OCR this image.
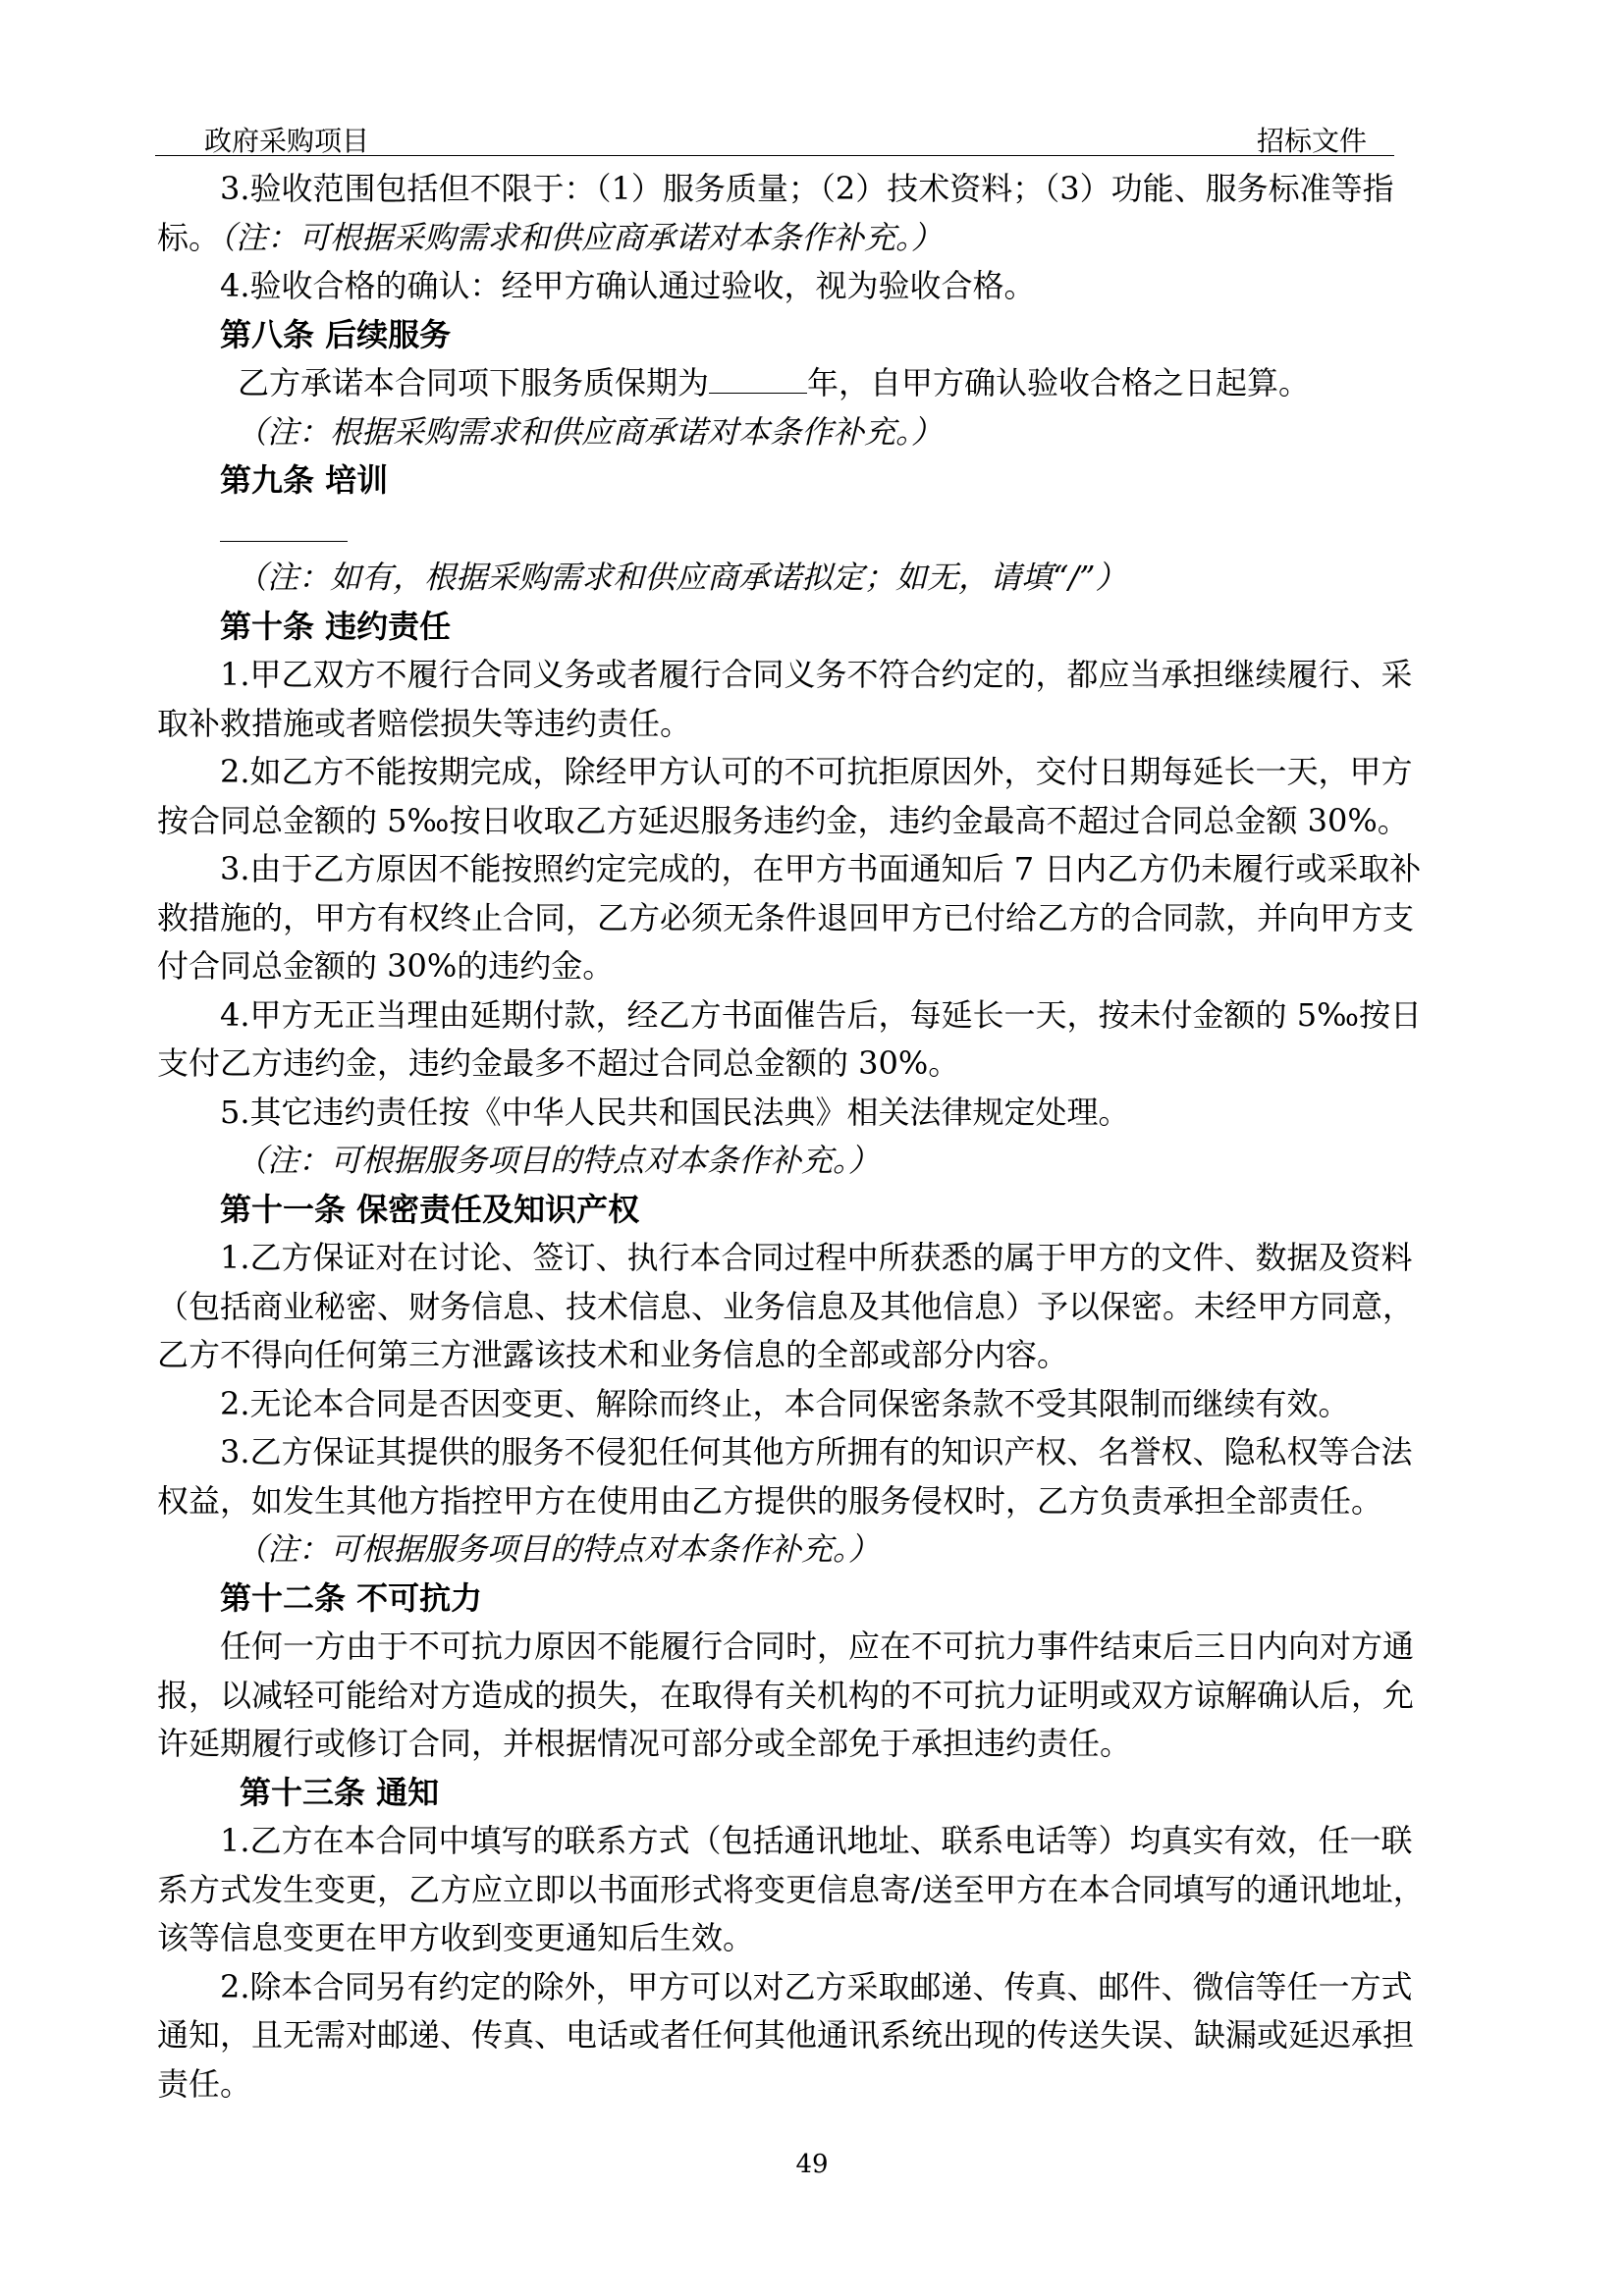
政府采购项目	招标文件
3.验收范围包括但不限于：（1）服务质量；（2）技术资料；（3）功能、服务标准等指
标。（注：可根据采购需求和供应商承诺对本条作补充。）
4.验收合格的确认：经甲方确认通过验收，视为验收合格。
第八条 后续服务
乙方承诺本合同项下服务质保期为	年，自甲方确认验收合格之日起算。
（注：根据采购需求和供应商承诺对本条作补充。）
第九条 培训
（注：如有，根据采购需求和供应商承诺拟定；如无，请填“/”）
第十条 违约责任
1.甲乙双方不履行合同义务或者履行合同义务不符合约定的，都应当承担继续履行、采
取补救措施或者赔偿损失等违约责任。
2.如乙方不能按期完成，除经甲方认可的不可抗拒原因外，交付日期每延长一天，甲方
按合同总金额的 5‰按日收取乙方延迟服务违约金，违约金最高不超过合同总金额 30%。
3.由于乙方原因不能按照约定完成的，在甲方书面通知后 7 日内乙方仍未履行或采取补
救措施的，甲方有权终止合同，乙方必须无条件退回甲方已付给乙方的合同款，并向甲方支
付合同总金额的 30%的违约金。
4.甲方无正当理由延期付款，经乙方书面催告后，每延长一天，按未付金额的 5‰按日
支付乙方违约金，违约金最多不超过合同总金额的 30%。
5.其它违约责任按《中华人民共和国民法典》相关法律规定处理。
（注：可根据服务项目的特点对本条作补充。）
第十一条 保密责任及知识产权
1.乙方保证对在讨论、签订、执行本合同过程中所获悉的属于甲方的文件、数据及资料
（包括商业秘密、财务信息、技术信息、业务信息及其他信息）予以保密。未经甲方同意，
乙方不得向任何第三方泄露该技术和业务信息的全部或部分内容。
2.无论本合同是否因变更、解除而终止，本合同保密条款不受其限制而继续有效。
3.乙方保证其提供的服务不侵犯任何其他方所拥有的知识产权、名誉权、隐私权等合法
权益，如发生其他方指控甲方在使用由乙方提供的服务侵权时，乙方负责承担全部责任。
（注：可根据服务项目的特点对本条作补充。）
第十二条 不可抗力
任何一方由于不可抗力原因不能履行合同时，应在不可抗力事件结束后三日内向对方通
报，以减轻可能给对方造成的损失，在取得有关机构的不可抗力证明或双方谅解确认后，允
许延期履行或修订合同，并根据情况可部分或全部免于承担违约责任。
第十三条 通知
1.乙方在本合同中填写的联系方式（包括通讯地址、联系电话等）均真实有效，任一联
系方式发生变更，乙方应立即以书面形式将变更信息寄/送至甲方在本合同填写的通讯地址，
该等信息变更在甲方收到变更通知后生效。
2.除本合同另有约定的除外，甲方可以对乙方采取邮递、传真、邮件、微信等任一方式
通知，且无需对邮递、传真、电话或者任何其他通讯系统出现的传送失误、缺漏或延迟承担
责任。
49
